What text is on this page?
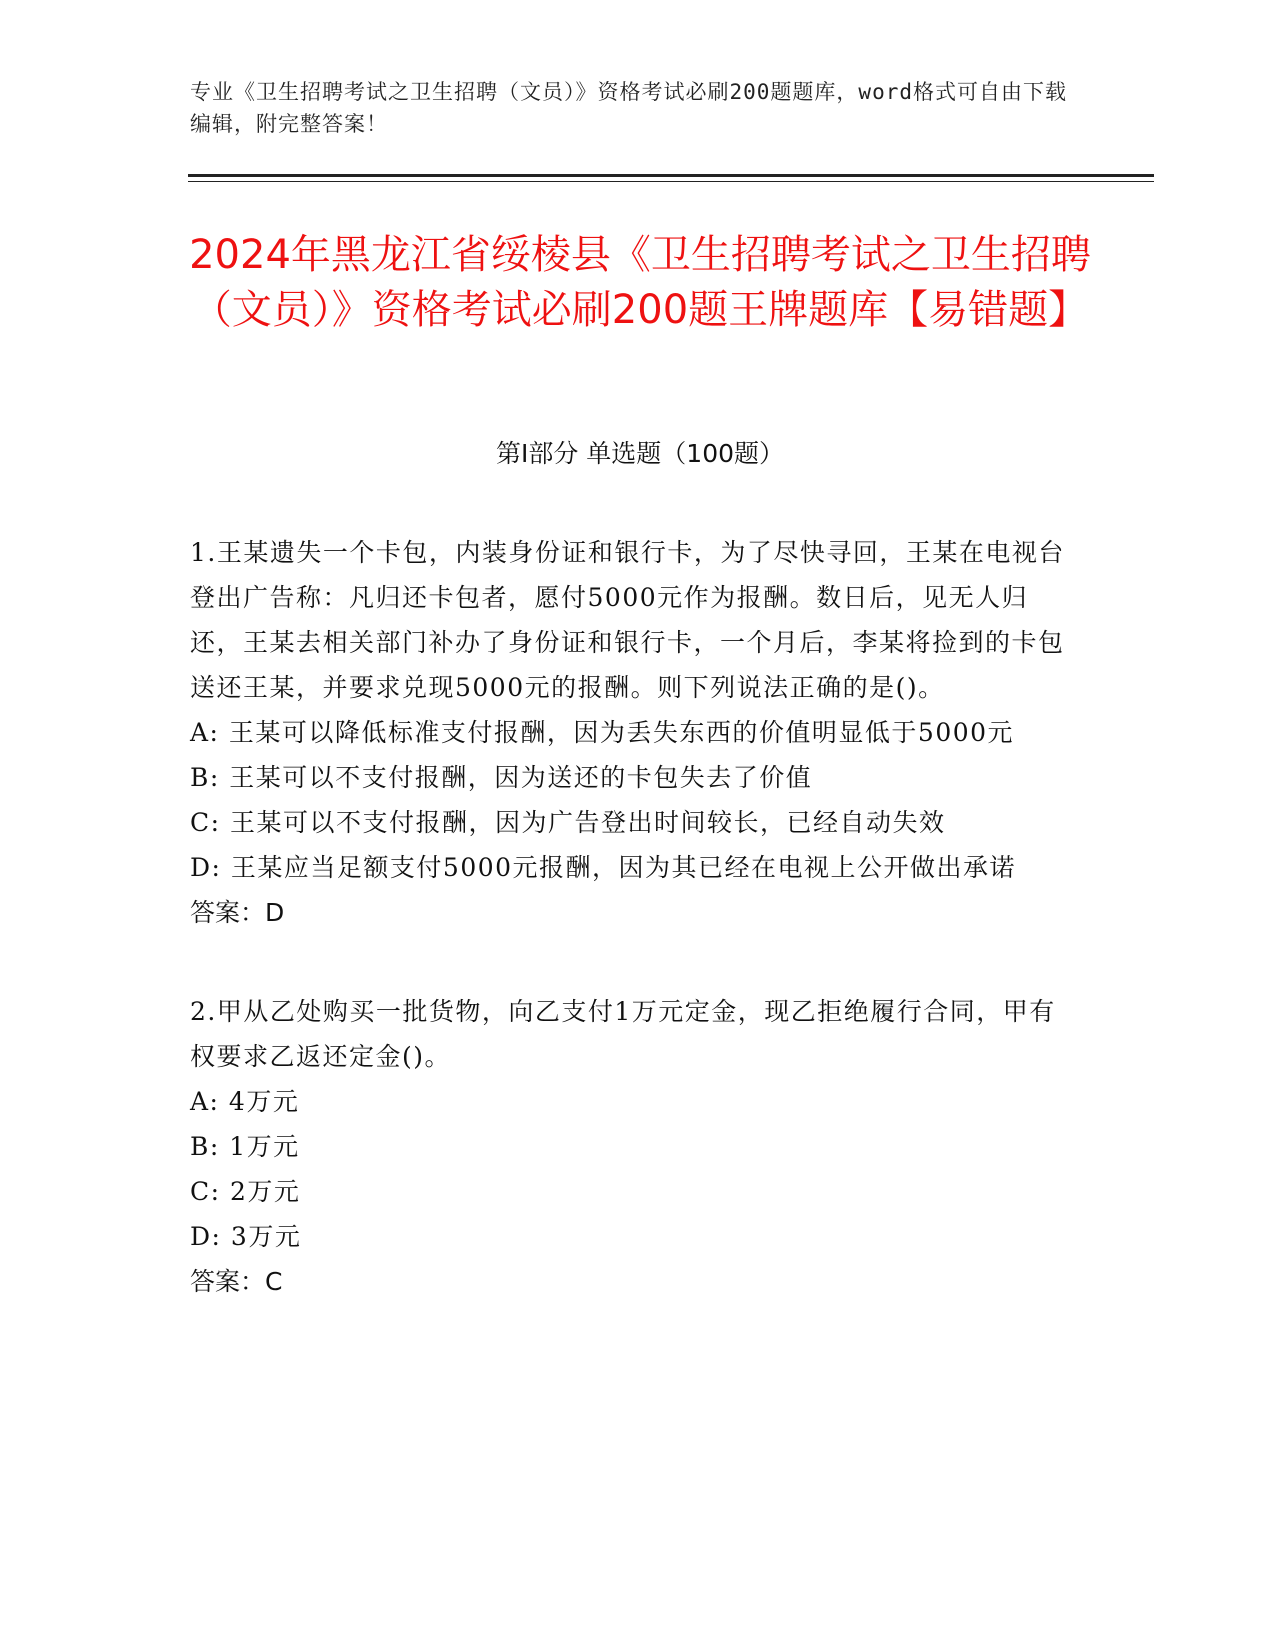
专业《卫生招聘考试之卫生招聘（文员）》资格考试必刷200题题库，word格式可自由下载编辑，附完整答案！
2024年黑龙江省绥棱县《卫生招聘考试之卫生招聘（文员）》资格考试必刷200题王牌题库【易错题】
第Ⅰ部分 单选题（100题）

1.王某遗失一个卡包，内装身份证和银行卡，为了尽快寻回，王某在电视台登出广告称：凡归还卡包者，愿付5000元作为报酬。数日后，见无人归还，王某去相关部门补办了身份证和银行卡，一个月后，李某将捡到的卡包送还王某，并要求兑现5000元的报酬。则下列说法正确的是()。

A: 王某可以降低标准支付报酬，因为丢失东西的价值明显低于5000元

B: 王某可以不支付报酬，因为送还的卡包失去了价值

C: 王某可以不支付报酬，因为广告登出时间较长，已经自动失效

D: 王某应当足额支付5000元报酬，因为其已经在电视上公开做出承诺

答案：D

2.甲从乙处购买一批货物，向乙支付1万元定金，现乙拒绝履行合同，甲有权要求乙返还定金()。

A: 4万元

B: 1万元

C: 2万元

D: 3万元

答案：C
